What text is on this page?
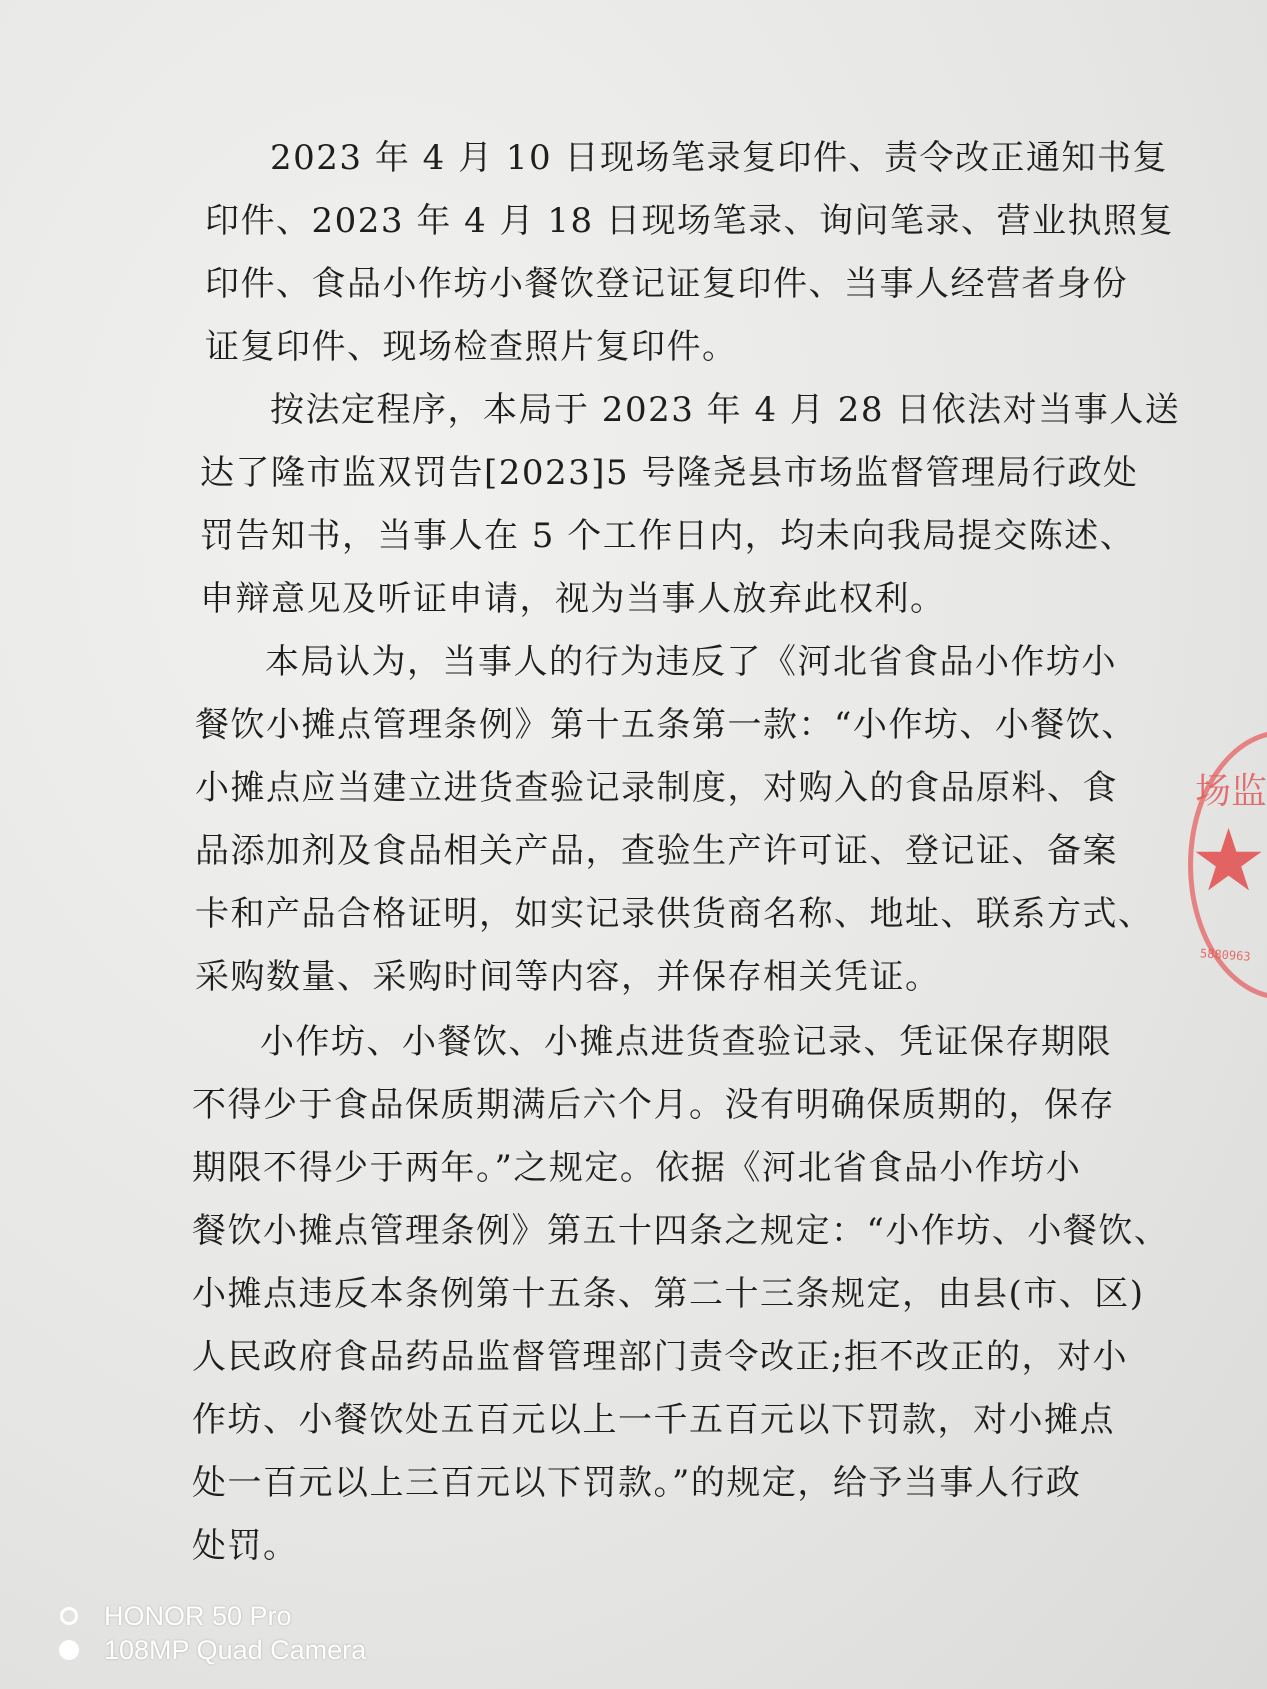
2023 年 4 月 10 日现场笔录复印件、责令改正通知书复

印件、2023 年 4 月 18 日现场笔录、询问笔录、营业执照复

印件、食品小作坊小餐饮登记证复印件、当事人经营者身份

证复印件、现场检查照片复印件。

按法定程序，本局于 2023 年 4 月 28 日依法对当事人送

达了隆市监双罚告[2023]5 号隆尧县市场监督管理局行政处

罚告知书，当事人在 5 个工作日内，均未向我局提交陈述、

申辩意见及听证申请，视为当事人放弃此权利。

本局认为，当事人的行为违反了《河北省食品小作坊小

餐饮小摊点管理条例》第十五条第一款：“小作坊、小餐饮、

小摊点应当建立进货查验记录制度，对购入的食品原料、食

品添加剂及食品相关产品，查验生产许可证、登记证、备案

卡和产品合格证明，如实记录供货商名称、地址、联系方式、

采购数量、采购时间等内容，并保存相关凭证。

小作坊、小餐饮、小摊点进货查验记录、凭证保存期限

不得少于食品保质期满后六个月。没有明确保质期的，保存

期限不得少于两年。”之规定。依据《河北省食品小作坊小

餐饮小摊点管理条例》第五十四条之规定：“小作坊、小餐饮、

小摊点违反本条例第十五条、第二十三条规定，由县(市、区)

人民政府食品药品监督管理部门责令改正;拒不改正的，对小

作坊、小餐饮处五百元以上一千五百元以下罚款，对小摊点

处一百元以上三百元以下罚款。”的规定，给予当事人行政

处罚。

场监
★
5880963
HONOR 50 Pro
108MP Quad Camera
